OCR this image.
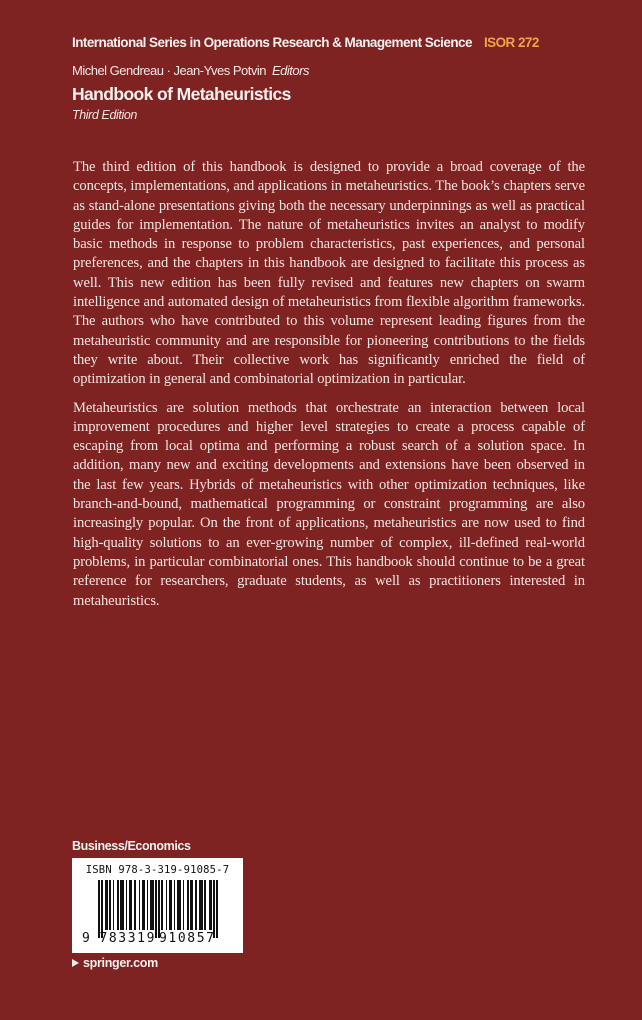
International Series in Operations Research & Management Science ISOR 272
Michel Gendreau · Jean-Yves Potvin Editors
Handbook of Metaheuristics
Third Edition

The third edition of this handbook is designed to provide a broad coverage of the concepts, implementations, and applications in metaheuristics. The book’s chapters serve as stand-alone presentations giving both the necessary underpinnings as well as practical guides for implementation. The nature of metaheuristics invites an analyst to modify basic methods in response to problem characteristics, past experiences, and personal preferences, and the chapters in this handbook are designed to facilitate this process as well. This new edition has been fully revised and features new chapters on swarm intelligence and automated design of metaheuristics from flexible algorithm frameworks. The authors who have contributed to this volume represent leading figures from the metaheuristic community and are responsible for pioneering contributions to the fields they write about. Their collective work has significantly enriched the field of optimization in general and combinatorial optimization in particular.

Metaheuristics are solution methods that orchestrate an interaction between local improvement procedures and higher level strategies to create a process capable of escaping from local optima and performing a robust search of a solution space. In addition, many new and exciting developments and extensions have been observed in the last few years. Hybrids of metaheuristics with other optimization techniques, like branch-and-bound, mathematical programming or constraint programming are also increasingly popular. On the front of applications, metaheuristics are now used to find high-quality solutions to an ever-growing number of complex, ill-defined real-world problems, in particular combinatorial ones. This handbook should continue to be a great reference for researchers, graduate students, as well as practitioners interested in metaheuristics.

Business/Economics
ISBN 978-3-319-91085-7
9 783319 910857
springer.com
